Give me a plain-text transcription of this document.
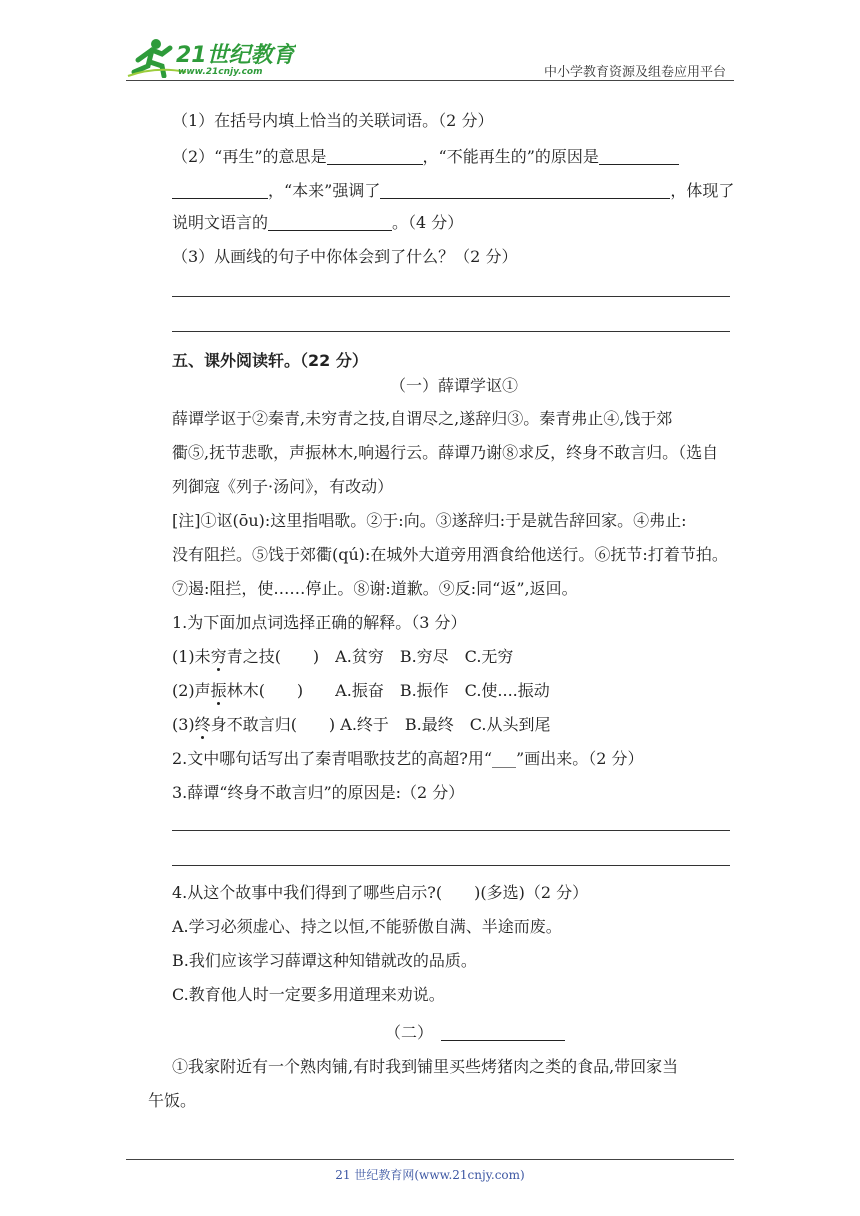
21世纪教育
www.21cnjy.com	中小学教育资源及组卷应用平台
（1）在括号内填上恰当的关联词语。（2 分）
（2）“再生”的意思是	，“不能再生的”的原因是
，“本来”强调了	，体现了
说明文语言的	。（4 分）
（3）从画线的句子中你体会到了什么？（2 分）
五、课外阅读轩。（22 分）
（一）薛谭学讴①
薛谭学讴于②秦青,未穷青之技,自谓尽之,遂辞归③。秦青弗止④,饯于郊
衢⑤,抚节悲歌，声振林木,响遏行云。薛谭乃谢⑧求反，终身不敢言归。（选自
列御寇《列子·汤问》，有改动）
[注]①讴(ōu):这里指唱歌。②于:向。③遂辞归:于是就告辞回家。④弗止:
没有阻拦。⑤饯于郊衢(qú):在城外大道旁用酒食给他送行。⑥抚节:打着节拍。
⑦遏:阻拦，使……停止。⑧谢:道歉。⑨反:同“返”,返回。
1.为下面加点词选择正确的解释。（3 分）
(1)未穷青之技(　　)　A.贫穷　B.穷尽　C.无穷
(2)声振林木(　　)　　A.振奋　B.振作　C.使....振动
(3)终身不敢言归(　　) A.终于　B.最终　C.从头到尾
2.文中哪句话写出了秦青唱歌技艺的高超?用“___”画出来。（2 分）
3.薛谭“终身不敢言归”的原因是:（2 分）
4.从这个故事中我们得到了哪些启示?(　　)(多选)（2 分）
A.学习必须虚心、持之以恒,不能骄傲自满、半途而废。
B.我们应该学习薛谭这种知错就改的品质。
C.教育他人时一定要多用道理来劝说。
（二）
①我家附近有一个熟肉铺,有时我到铺里买些烤猪肉之类的食品,带回家当
午饭。
21 世纪教育网(www.21cnjy.com)
